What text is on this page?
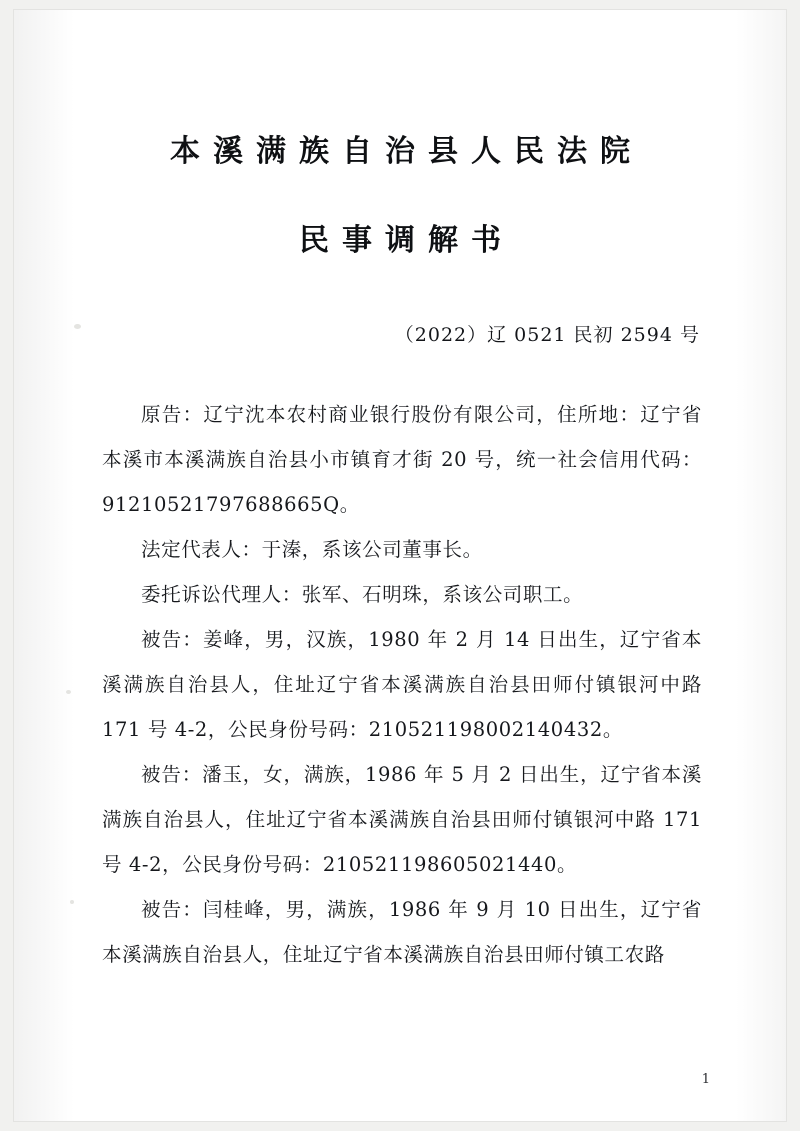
本溪满族自治县人民法院
民事调解书
（2022）辽 0521 民初 2594 号

原告：辽宁沈本农村商业银行股份有限公司，住所地：辽宁省本溪市本溪满族自治县小市镇育才街 20 号，统一社会信用代码：91210521797688665Q。

法定代表人：于溱，系该公司董事长。

委托诉讼代理人：张军、石明珠，系该公司职工。

被告：姜峰，男，汉族，1980 年 2 月 14 日出生，辽宁省本溪满族自治县人，住址辽宁省本溪满族自治县田师付镇银河中路 171 号 4-2，公民身份号码：210521198002140432。

被告：潘玉，女，满族，1986 年 5 月 2 日出生，辽宁省本溪满族自治县人，住址辽宁省本溪满族自治县田师付镇银河中路 171 号 4-2，公民身份号码：210521198605021440。

被告：闫桂峰，男，满族，1986 年 9 月 10 日出生，辽宁省本溪满族自治县人，住址辽宁省本溪满族自治县田师付镇工农路

1
